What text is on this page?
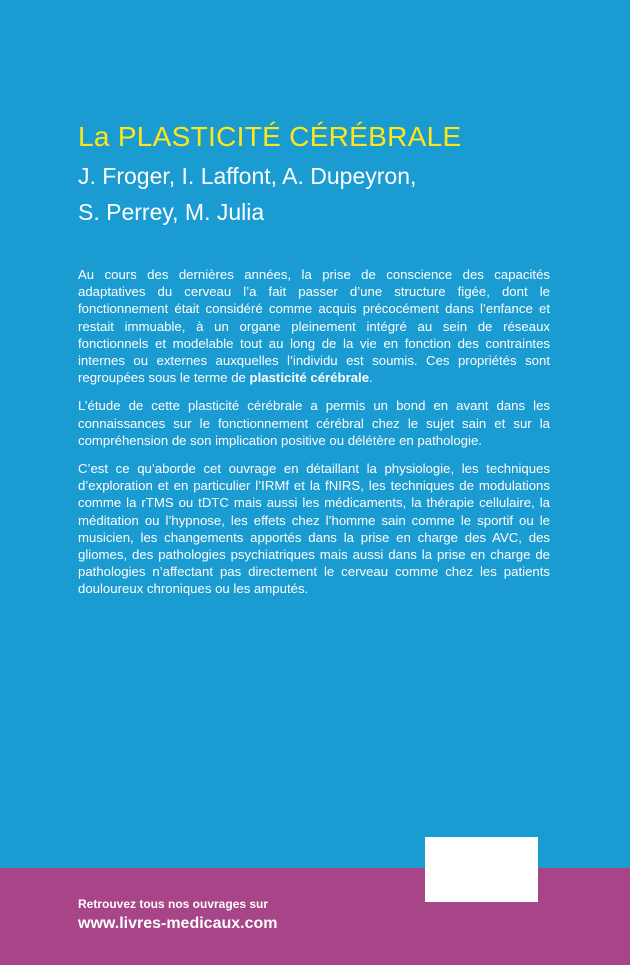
La PLASTICITÉ CÉRÉBRALE
J. Froger, I. Laffont, A. Dupeyron,
S. Perrey, M. Julia

Au cours des dernières années, la prise de conscience des capacités adaptatives du cerveau l’a fait passer d’une structure figée, dont le fonctionnement était considéré comme acquis précocément dans l’enfance et restait immuable, à un organe pleinement intégré au sein de réseaux fonctionnels et modelable tout au long de la vie en fonction des contraintes internes ou externes auxquelles l’individu est soumis. Ces propriétés sont regroupées sous le terme de plasticité cérébrale.

L’étude de cette plasticité cérébrale a permis un bond en avant dans les connaissances sur le fonctionnement cérébral chez le sujet sain et sur la compréhension de son implication positive ou délétère en pathologie.

C’est ce qu’aborde cet ouvrage en détaillant la physiologie, les techniques d’exploration et en particulier l’IRMf et la fNIRS, les techniques de modulations comme la rTMS ou tDTC mais aussi les médicaments, la thérapie cellulaire, la méditation ou l’hypnose, les effets chez l’homme sain comme le sportif ou le musicien, les changements apportés dans la prise en charge des AVC, des gliomes, des pathologies psychiatriques mais aussi dans la prise en charge de pathologies n’affectant pas directement le cerveau comme chez les patients douloureux chroniques ou les amputés.

Retrouvez tous nos ouvrages sur
www.livres-medicaux.com
